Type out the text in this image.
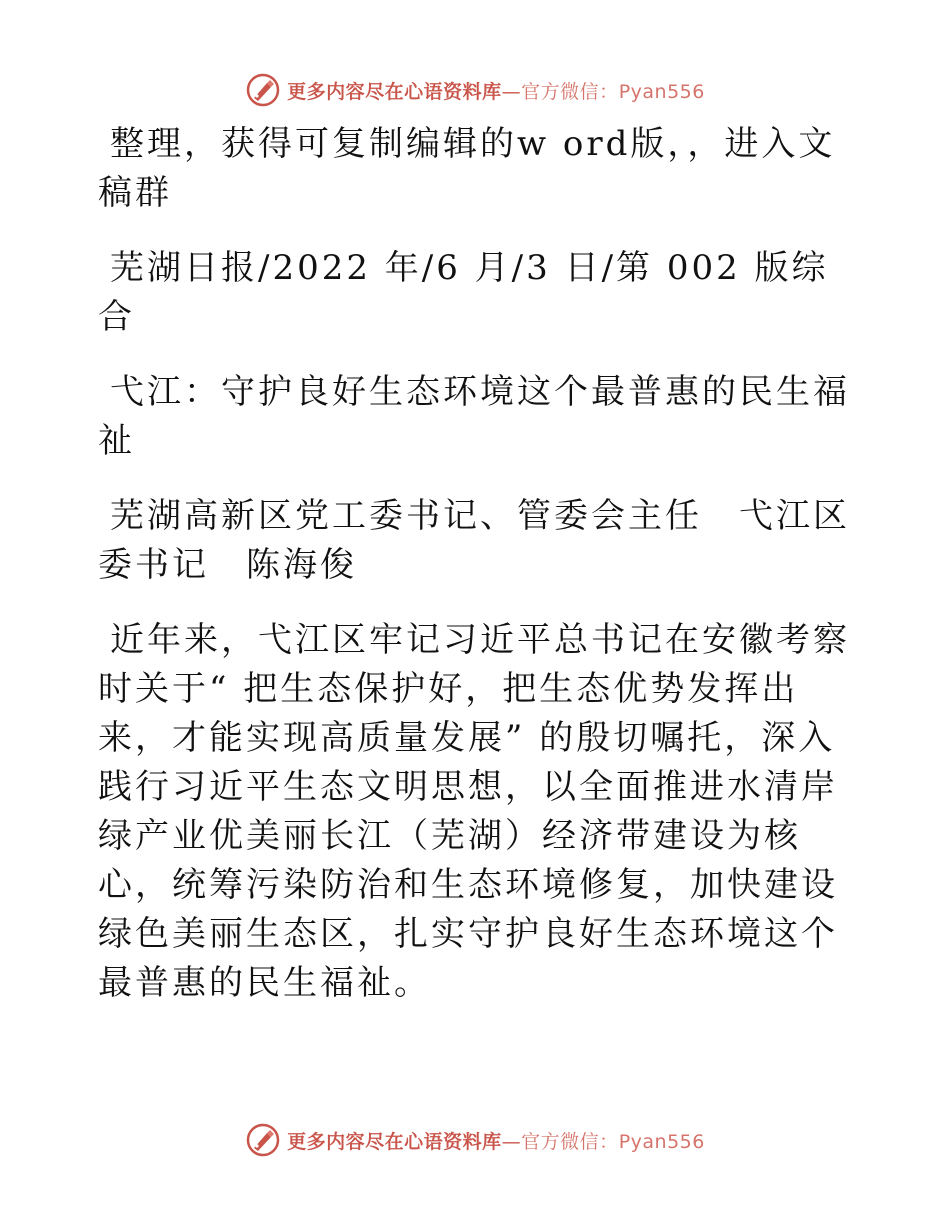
更多内容尽在心语资料库—官方微信：Pyan556

整理，获得可复制编辑的w ord版，，进入文稿群

芜湖日报/2022 年/6 月/3 日/第 002 版综合

弋江：守护良好生态环境这个最普惠的民生福祉

芜湖高新区党工委书记、管委会主任　弋江区委书记　陈海俊

近年来，弋江区牢记习近平总书记在安徽考察时关于“ 把生态保护好，把生态优势发挥出来，才能实现高质量发展” 的殷切嘱托，深入践行习近平生态文明思想，以全面推进水清岸绿产业优美丽长江（芜湖）经济带建设为核心，统筹污染防治和生态环境修复，加快建设绿色美丽生态区，扎实守护良好生态环境这个最普惠的民生福祉。

更多内容尽在心语资料库—官方微信：Pyan556
